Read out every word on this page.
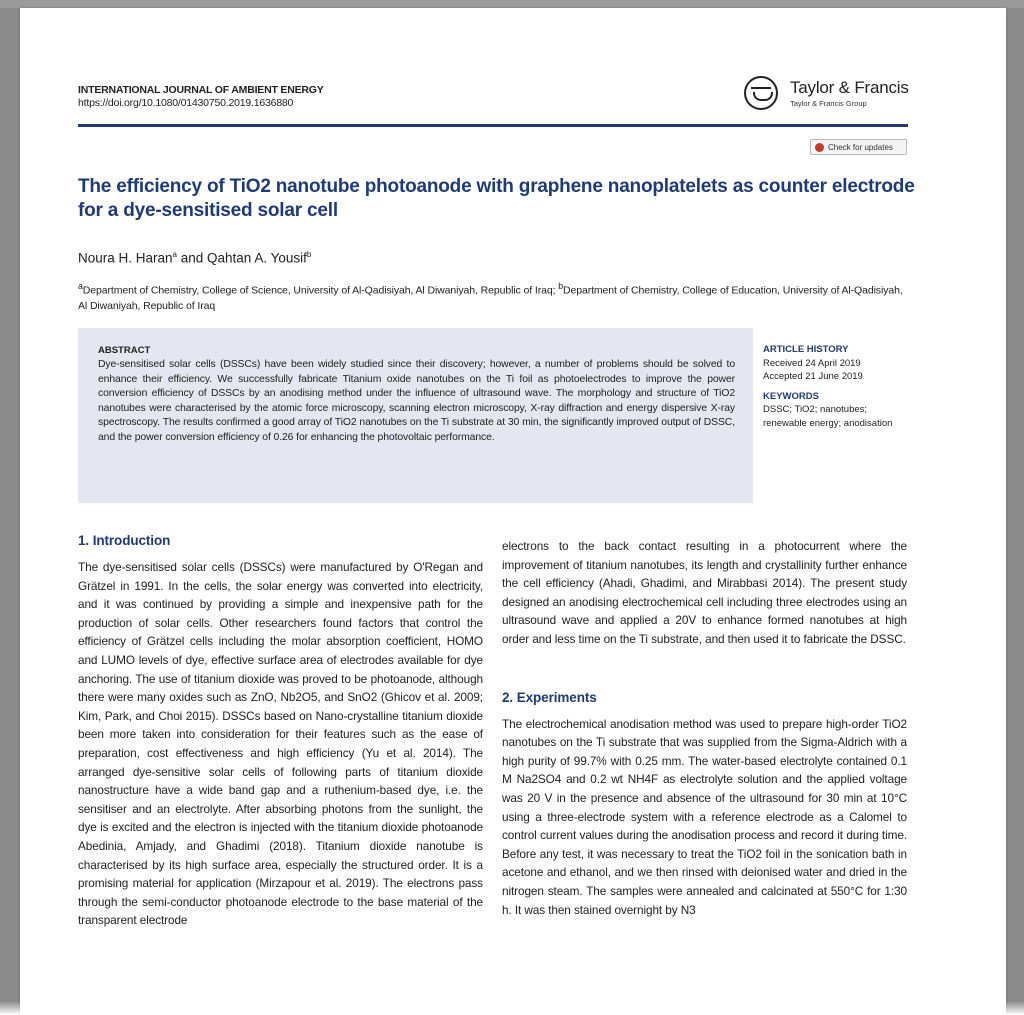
INTERNATIONAL JOURNAL OF AMBIENT ENERGY
https://doi.org/10.1080/01430750.2019.1636880
Taylor & Francis
Taylor & Francis Group
Check for updates
The efficiency of TiO2 nanotube photoanode with graphene nanoplatelets as counter electrode for a dye-sensitised solar cell
Noura H. Haran$^a$ and Qahtan A. Yousif$^b$
$^a$Department of Chemistry, College of Science, University of Al-Qadisiyah, Al Diwaniyah, Republic of Iraq; $^b$Department of Chemistry, College of Education, University of Al-Qadisiyah, Al Diwaniyah, Republic of Iraq
ABSTRACT
Dye-sensitised solar cells (DSSCs) have been widely studied since their discovery; however, a number of problems should be solved to enhance their efficiency. We successfully fabricate Titanium oxide nanotubes on the Ti foil as photoelectrodes to improve the power conversion efficiency of DSSCs by an anodising method under the influence of ultrasound wave. The morphology and structure of TiO2 nanotubes were characterised by the atomic force microscopy, scanning electron microscopy, X-ray diffraction and energy dispersive X-ray spectroscopy. The results confirmed a good array of TiO2 nanotubes on the Ti substrate at 30 min, the significantly improved output of DSSC, and the power conversion efficiency of 0.26 for enhancing the photovoltaic performance.
ARTICLE HISTORY
Received 24 April 2019
Accepted 21 June 2019
KEYWORDS
DSSC; TiO2; nanotubes; renewable energy; anodisation
1. Introduction

The dye-sensitised solar cells (DSSCs) were manufactured by O'Regan and Grätzel in 1991. In the cells, the solar energy was converted into electricity, and it was continued by providing a simple and inexpensive path for the production of solar cells. Other researchers found factors that control the efficiency of Grätzel cells including the molar absorption coefficient, HOMO and LUMO levels of dye, effective surface area of electrodes available for dye anchoring. The use of titanium dioxide was proved to be photoanode, although there were many oxides such as ZnO, Nb2O5, and SnO2 (Ghicov et al. 2009; Kim, Park, and Choi 2015). DSSCs based on Nano-crystalline titanium dioxide been more taken into consideration for their features such as the ease of preparation, cost effectiveness and high efficiency (Yu et al. 2014). The arranged dye-sensitive solar cells of following parts of titanium dioxide nanostructure have a wide band gap and a ruthenium-based dye, i.e. the sensitiser and an electrolyte. After absorbing photons from the sunlight, the dye is excited and the electron is injected with the titanium dioxide photoanode Abedinia, Amjady, and Ghadimi (2018). Titanium dioxide nanotube is characterised by its high surface area, especially the structured order. It is a promising material for application (Mirzapour et al. 2019). The electrons pass through the semi-conductor photoanode electrode to the base material of the transparent electrode

electrons to the back contact resulting in a photocurrent where the improvement of titanium nanotubes, its length and crystallinity further enhance the cell efficiency (Ahadi, Ghadimi, and Mirabbasi 2014). The present study designed an anodising electrochemical cell including three electrodes using an ultrasound wave and applied a 20V to enhance formed nanotubes at high order and less time on the Ti substrate, and then used it to fabricate the DSSC.

2. Experiments

The electrochemical anodisation method was used to prepare high-order TiO2 nanotubes on the Ti substrate that was supplied from the Sigma-Aldrich with a high purity of 99.7% with 0.25 mm. The water-based electrolyte contained 0.1 M Na2SO4 and 0.2 wt NH4F as electrolyte solution and the applied voltage was 20 V in the presence and absence of the ultrasound for 30 min at 10°C using a three-electrode system with a reference electrode as a Calomel to control current values during the anodisation process and record it during time. Before any test, it was necessary to treat the TiO2 foil in the sonication bath in acetone and ethanol, and we then rinsed with deionised water and dried in the nitrogen steam. The samples were annealed and calcinated at 550°C for 1:30 h. It was then stained overnight by N3
